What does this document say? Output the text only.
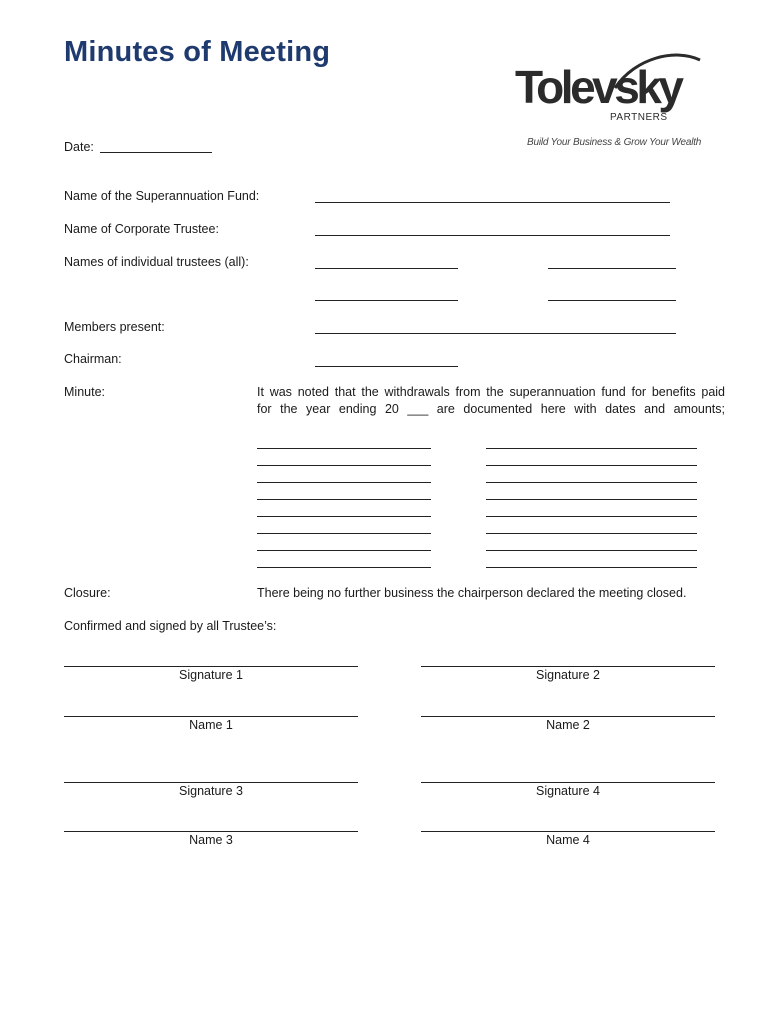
Minutes of Meeting
Tolevsky
PARTNERS
Build Your Business & Grow Your Wealth
Date:
Name of the Superannuation Fund:
Name of Corporate Trustee:
Names of individual trustees (all):
Members present:
Chairman:
Minute:	It was noted that the withdrawals from the superannuation fund for benefits paid
for the year ending 20 ___ are documented here with dates and amounts;
Closure:	There being no further business the chairperson declared the meeting closed.
Confirmed and signed by all Trustee’s:
Signature 1	Signature 2
Name 1	Name 2
Signature 3	Signature 4
Name 3	Name 4
